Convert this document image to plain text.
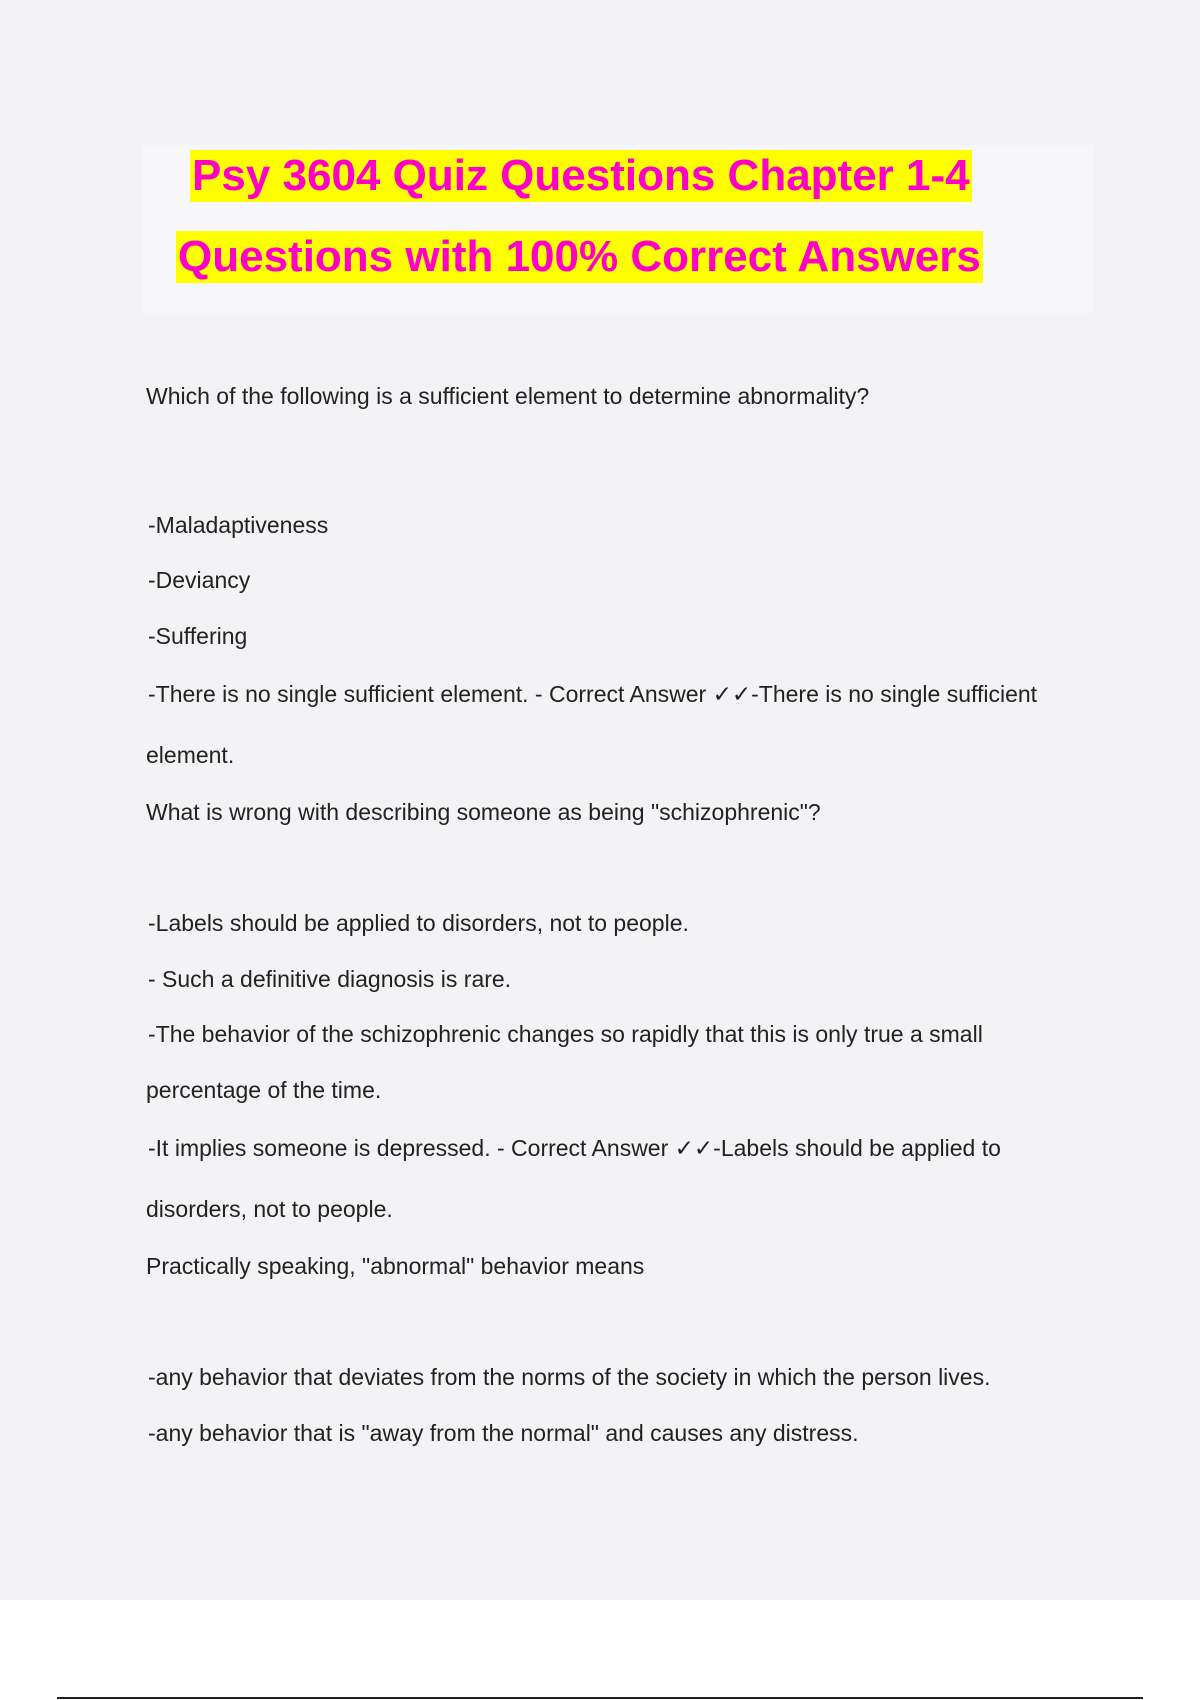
Psy 3604 Quiz Questions Chapter 1-4
Questions with 100% Correct Answers
Which of the following is a sufficient element to determine abnormality?
-Maladaptiveness
-Deviancy
-Suffering
-There is no single sufficient element. - Correct Answer ✓✓-There is no single sufficient
element.
What is wrong with describing someone as being "schizophrenic"?
-Labels should be applied to disorders, not to people.
- Such a definitive diagnosis is rare.
-The behavior of the schizophrenic changes so rapidly that this is only true a small
percentage of the time.
-It implies someone is depressed. - Correct Answer ✓✓-Labels should be applied to
disorders, not to people.
Practically speaking, "abnormal" behavior means
-any behavior that deviates from the norms of the society in which the person lives.
-any behavior that is "away from the normal" and causes any distress.
